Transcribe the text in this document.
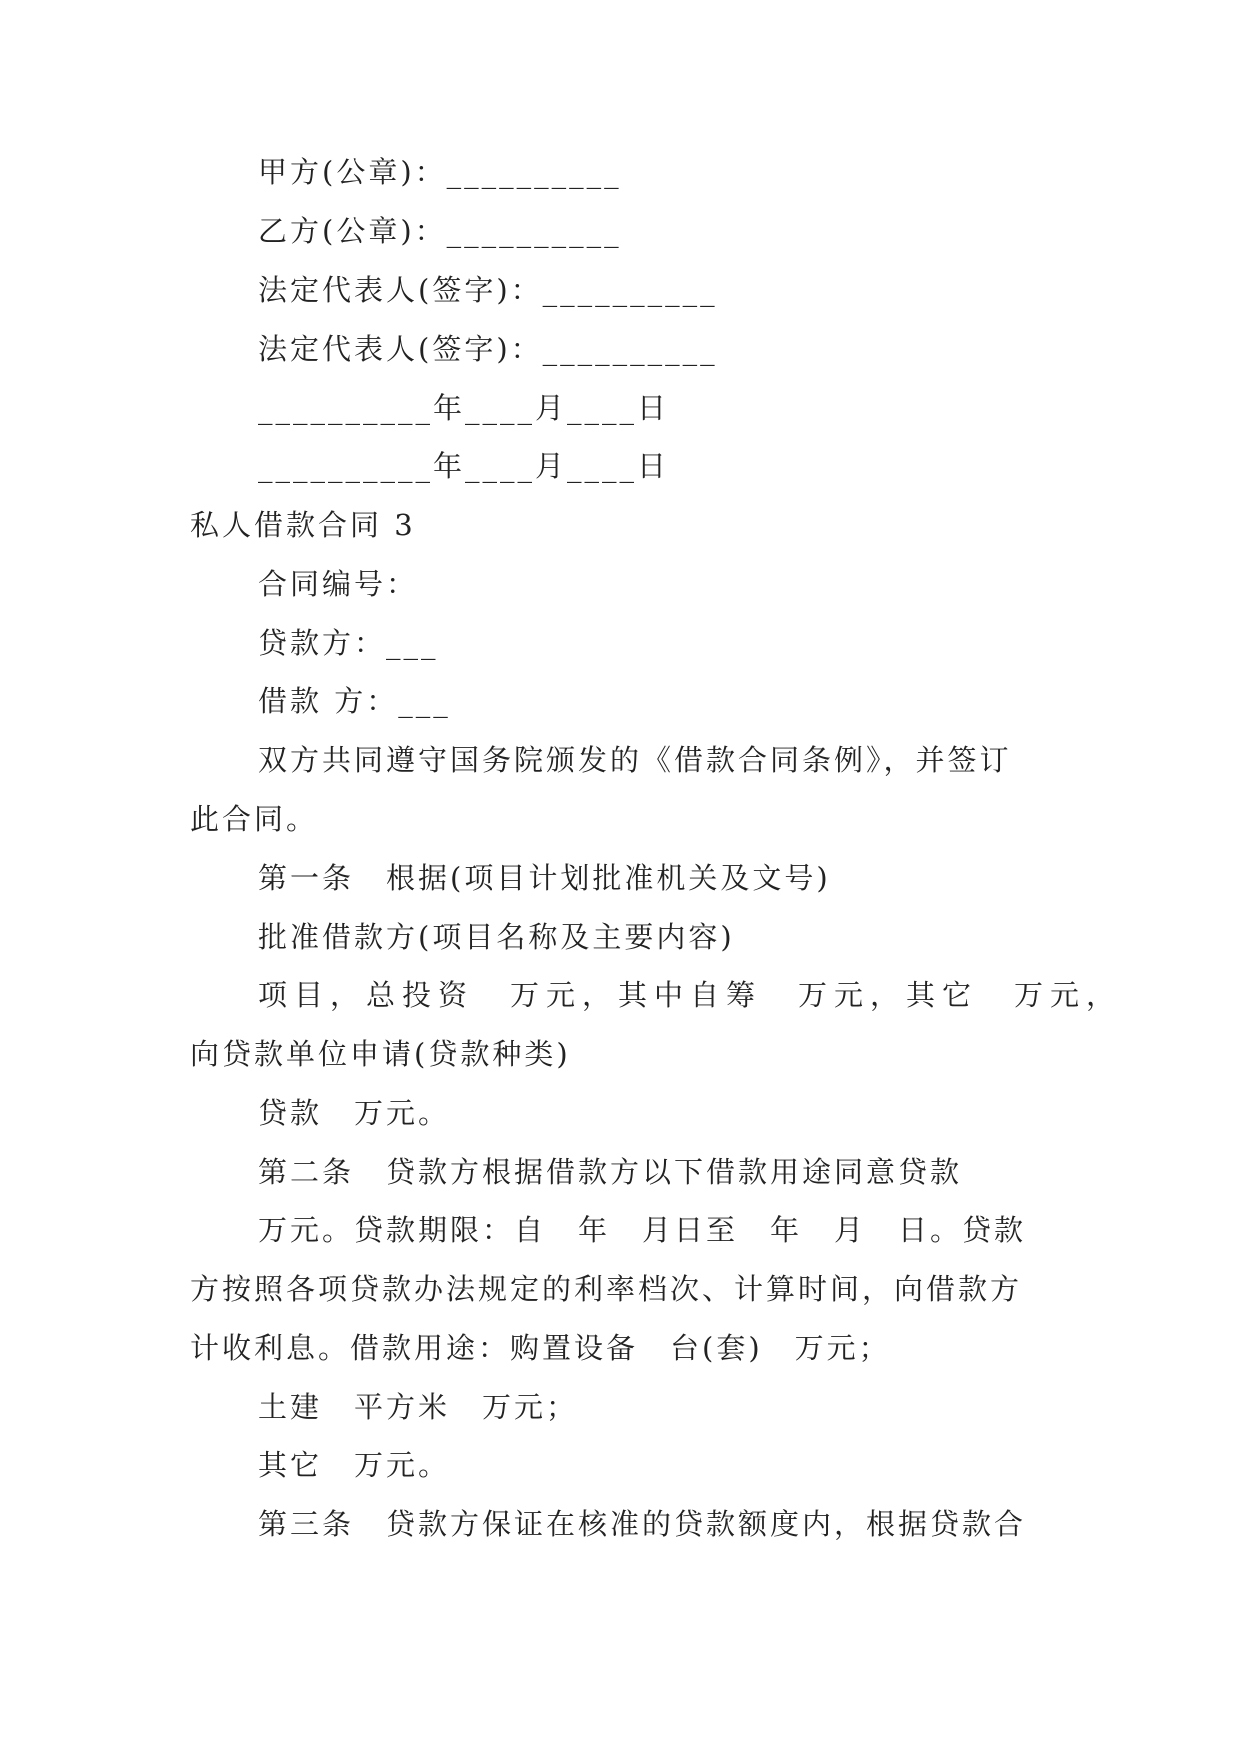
甲方(公章)：__________
乙方(公章)：__________
法定代表人(签字)：__________
法定代表人(签字)：__________
__________年____月____日
__________年____月____日
私人借款合同 3
合同编号：
贷款方：___
借款 方：___
双方共同遵守国务院颁发的《借款合同条例》，并签订
此合同。
第一条　根据(项目计划批准机关及文号)
批准借款方(项目名称及主要内容)
项目，总投资　万元，其中自筹　万元，其它　万元，
向贷款单位申请(贷款种类)
贷款　万元。
第二条　贷款方根据借款方以下借款用途同意贷款
万元。贷款期限：自　年　月日至　年　月　日。贷款
方按照各项贷款办法规定的利率档次、计算时间，向借款方
计收利息。借款用途：购置设备　台(套)　万元；
土建　平方米　万元；
其它　万元。
第三条　贷款方保证在核准的贷款额度内，根据贷款合
